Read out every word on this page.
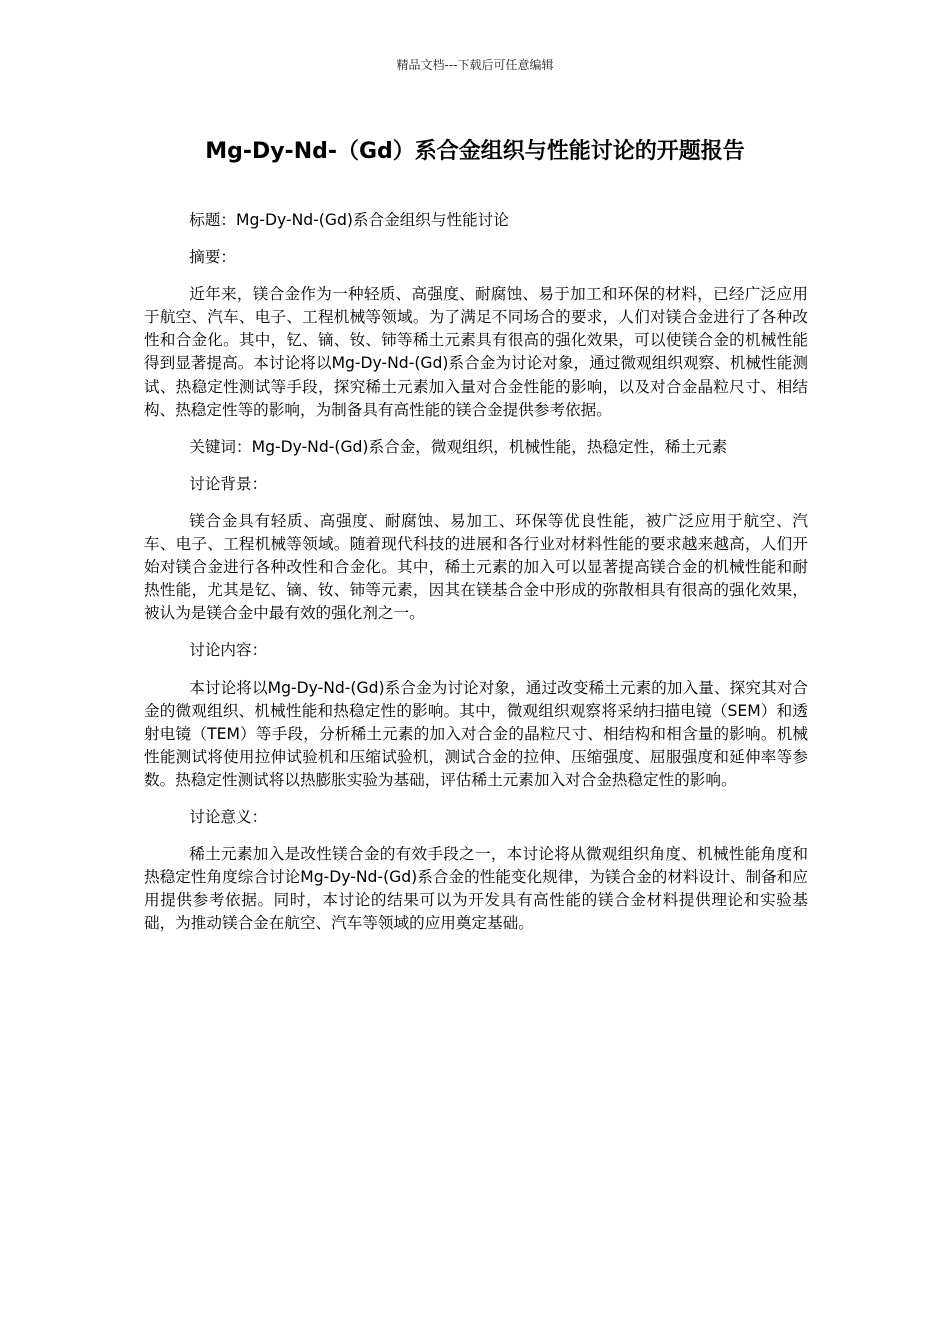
精品文档---下载后可任意编辑
Mg-Dy-Nd-（Gd）系合金组织与性能讨论的开题报告

标题：Mg-Dy-Nd-(Gd)系合金组织与性能讨论

摘要：

近年来，镁合金作为一种轻质、高强度、耐腐蚀、易于加工和环保的材料，已经广泛应用于航空、汽车、电子、工程机械等领域。为了满足不同场合的要求，人们对镁合金进行了各种改性和合金化。其中，钇、镝、钕、铈等稀土元素具有很高的强化效果，可以使镁合金的机械性能得到显著提高。本讨论将以Mg-Dy-Nd-(Gd)系合金为讨论对象，通过微观组织观察、机械性能测试、热稳定性测试等手段，探究稀土元素加入量对合金性能的影响，以及对合金晶粒尺寸、相结构、热稳定性等的影响，为制备具有高性能的镁合金提供参考依据。

关键词：Mg-Dy-Nd-(Gd)系合金，微观组织，机械性能，热稳定性，稀土元素

讨论背景：

镁合金具有轻质、高强度、耐腐蚀、易加工、环保等优良性能，被广泛应用于航空、汽车、电子、工程机械等领域。随着现代科技的进展和各行业对材料性能的要求越来越高，人们开始对镁合金进行各种改性和合金化。其中，稀土元素的加入可以显著提高镁合金的机械性能和耐热性能，尤其是钇、镝、钕、铈等元素，因其在镁基合金中形成的弥散相具有很高的强化效果，被认为是镁合金中最有效的强化剂之一。

讨论内容：

本讨论将以Mg-Dy-Nd-(Gd)系合金为讨论对象，通过改变稀土元素的加入量、探究其对合金的微观组织、机械性能和热稳定性的影响。其中，微观组织观察将采纳扫描电镜（SEM）和透射电镜（TEM）等手段，分析稀土元素的加入对合金的晶粒尺寸、相结构和相含量的影响。机械性能测试将使用拉伸试验机和压缩试验机，测试合金的拉伸、压缩强度、屈服强度和延伸率等参数。热稳定性测试将以热膨胀实验为基础，评估稀土元素加入对合金热稳定性的影响。

讨论意义：

稀土元素加入是改性镁合金的有效手段之一，本讨论将从微观组织角度、机械性能角度和热稳定性角度综合讨论Mg-Dy-Nd-(Gd)系合金的性能变化规律，为镁合金的材料设计、制备和应用提供参考依据。同时，本讨论的结果可以为开发具有高性能的镁合金材料提供理论和实验基础，为推动镁合金在航空、汽车等领域的应用奠定基础。
